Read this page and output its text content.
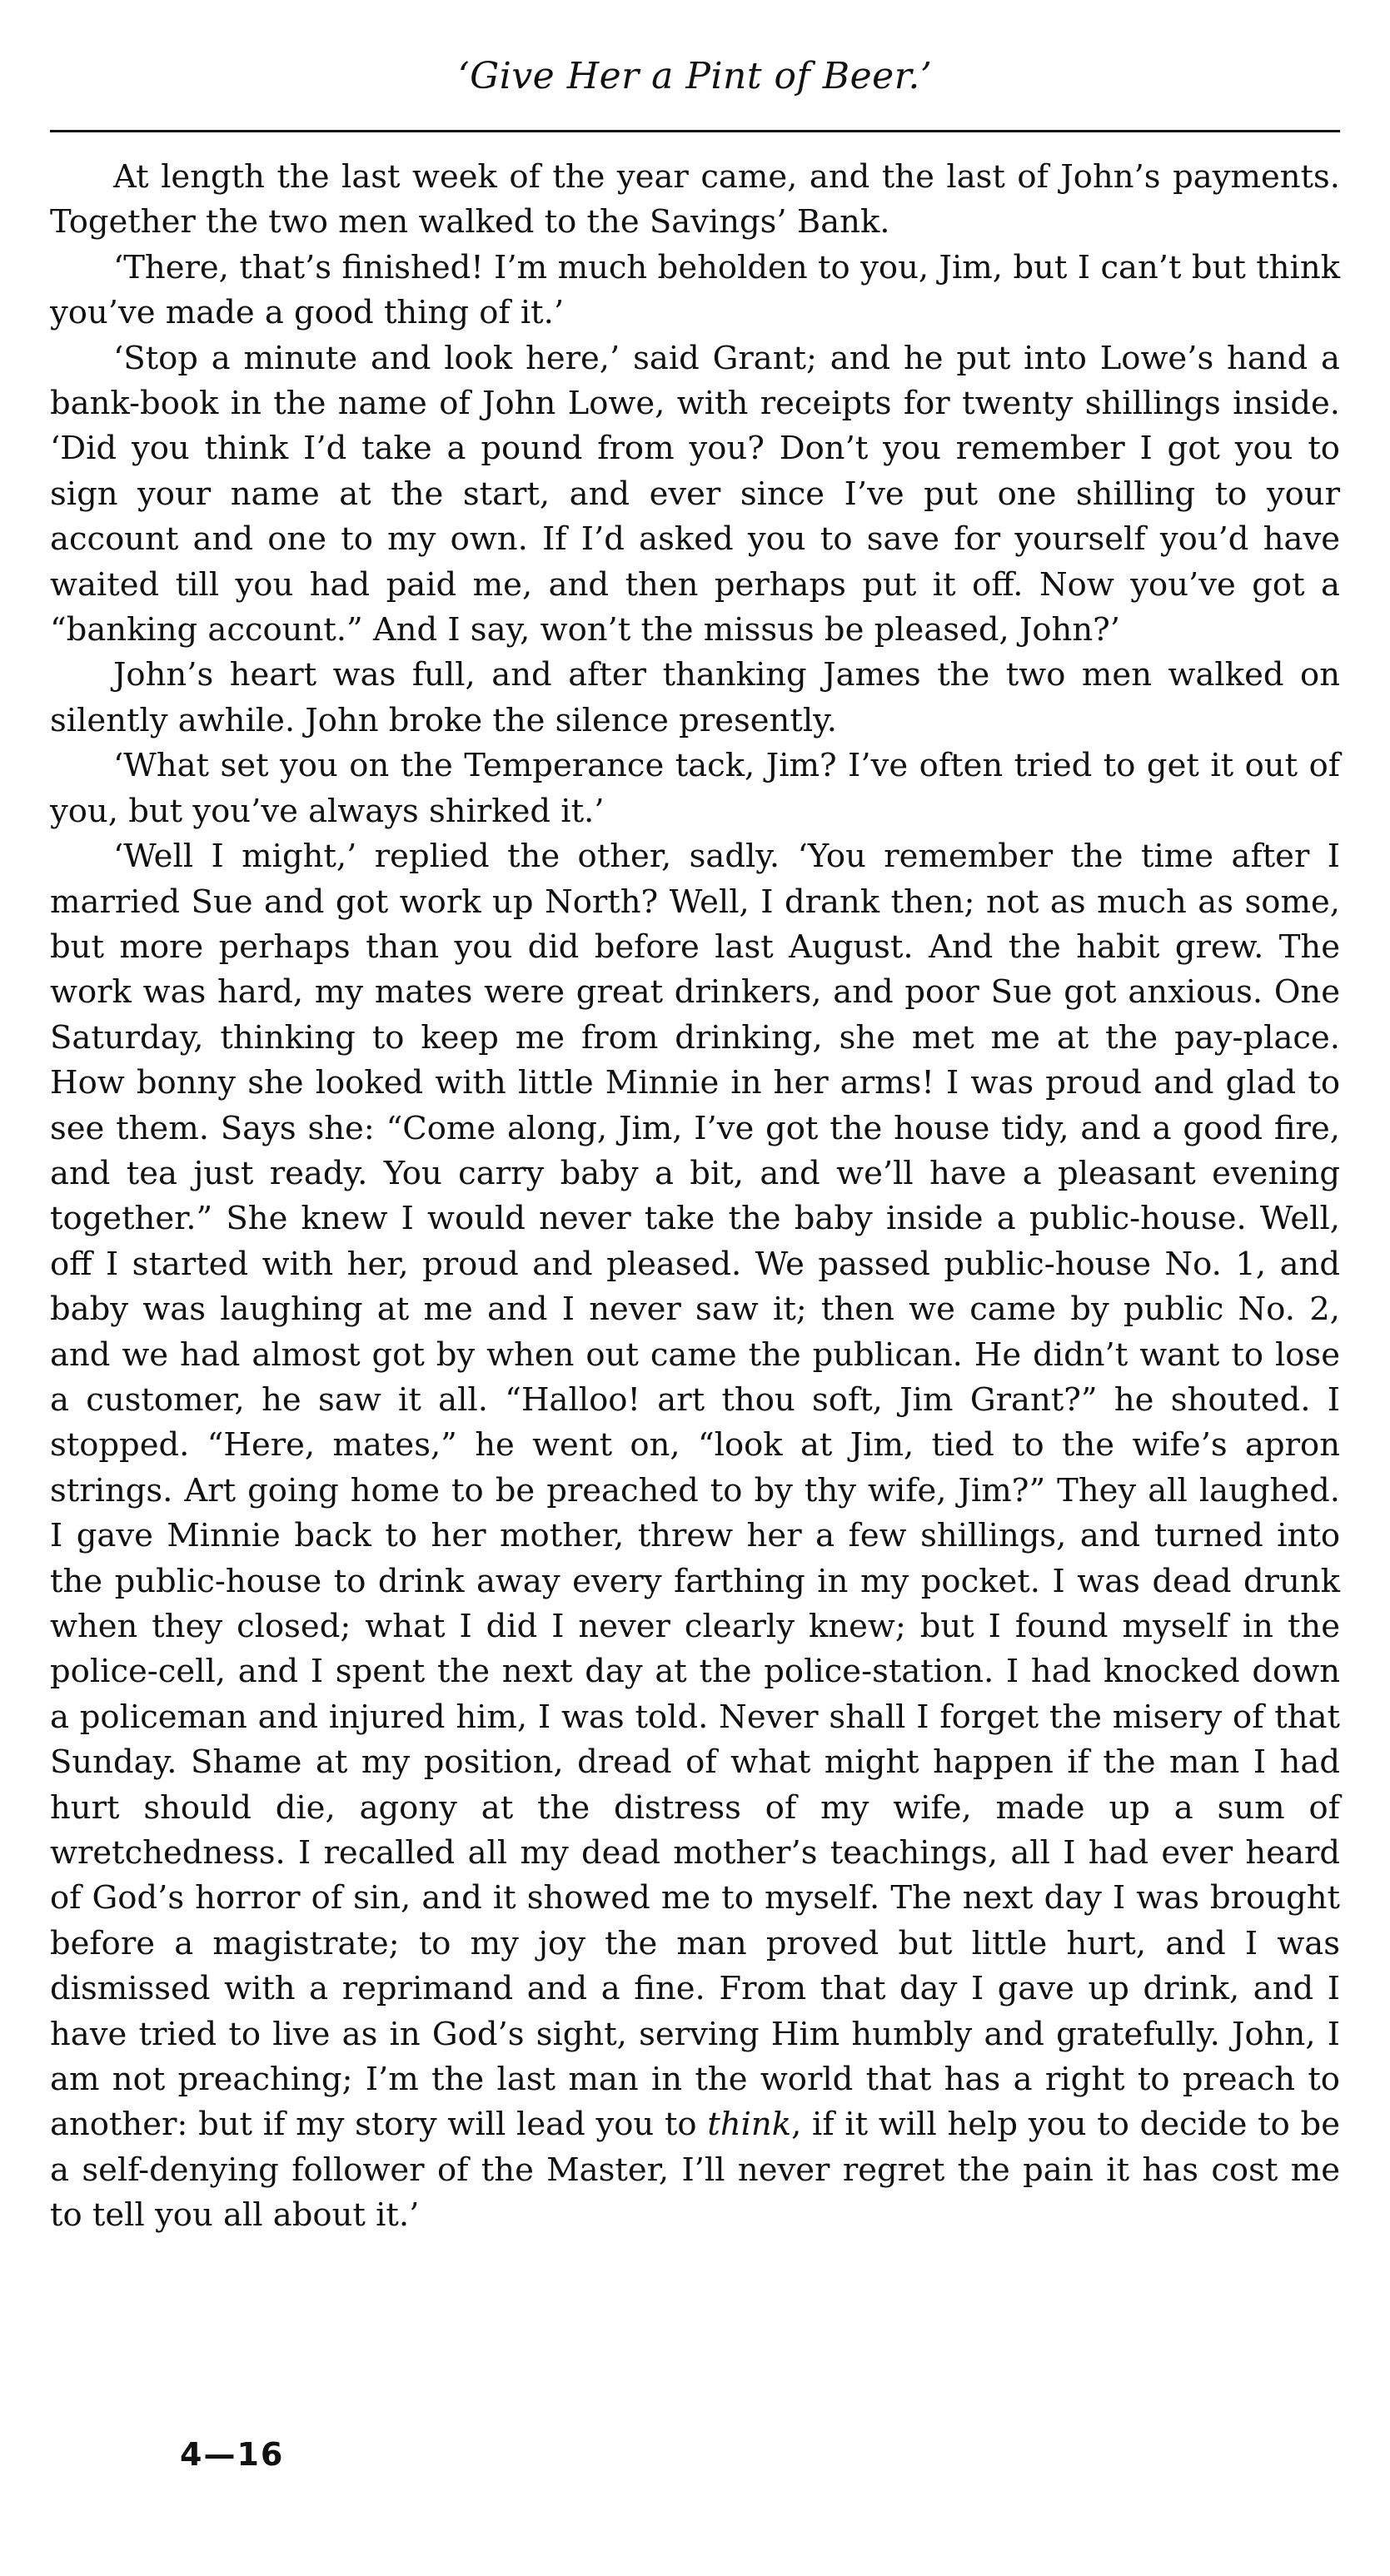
‘Give Her a Pint of Beer.’

At length the last week of the year came, and the last of John’s payments. Together the two men walked to the Savings’ Bank.

‘There, that’s finished! I’m much beholden to you, Jim, but I can’t but think you’ve made a good thing of it.’

‘Stop a minute and look here,’ said Grant; and he put into Lowe’s hand a bank-book in the name of John Lowe, with receipts for twenty shillings inside. ‘Did you think I’d take a pound from you? Don’t you remember I got you to sign your name at the start, and ever since I’ve put one shilling to your account and one to my own. If I’d asked you to save for yourself you’d have waited till you had paid me, and then perhaps put it off. Now you’ve got a “banking account.” And I say, won’t the missus be pleased, John?’

John’s heart was full, and after thanking James the two men walked on silently awhile. John broke the silence presently.

‘What set you on the Temperance tack, Jim? I’ve often tried to get it out of you, but you’ve always shirked it.’

‘Well I might,’ replied the other, sadly. ‘You remember the time after I married Sue and got work up North? Well, I drank then; not as much as some, but more perhaps than you did before last August. And the habit grew. The work was hard, my mates were great drinkers, and poor Sue got anxious. One Saturday, thinking to keep me from drinking, she met me at the pay-place. How bonny she looked with little Minnie in her arms! I was proud and glad to see them. Says she: “Come along, Jim, I’ve got the house tidy, and a good fire, and tea just ready. You carry baby a bit, and we’ll have a pleasant evening together.” She knew I would never take the baby inside a public-house. Well, off I started with her, proud and pleased. We passed public-house No. 1, and baby was laughing at me and I never saw it; then we came by public No. 2, and we had almost got by when out came the publican. He didn’t want to lose a customer, he saw it all. “Halloo! art thou soft, Jim Grant?” he shouted. I stopped. “Here, mates,” he went on, “look at Jim, tied to the wife’s apron strings. Art going home to be preached to by thy wife, Jim?” They all laughed. I gave Minnie back to her mother, threw her a few shillings, and turned into the public-house to drink away every farthing in my pocket. I was dead drunk when they closed; what I did I never clearly knew; but I found myself in the police-cell, and I spent the next day at the police-station. I had knocked down a policeman and injured him, I was told. Never shall I forget the misery of that Sunday. Shame at my position, dread of what might happen if the man I had hurt should die, agony at the distress of my wife, made up a sum of wretchedness. I recalled all my dead mother’s teachings, all I had ever heard of God’s horror of sin, and it showed me to myself. The next day I was brought before a magistrate; to my joy the man proved but little hurt, and I was dismissed with a reprimand and a fine. From that day I gave up drink, and I have tried to live as in God’s sight, serving Him humbly and gratefully. John, I am not preaching; I’m the last man in the world that has a right to preach to another: but if my story will lead you to think, if it will help you to decide to be a self-denying follower of the Master, I’ll never regret the pain it has cost me to tell you all about it.’

4—16
